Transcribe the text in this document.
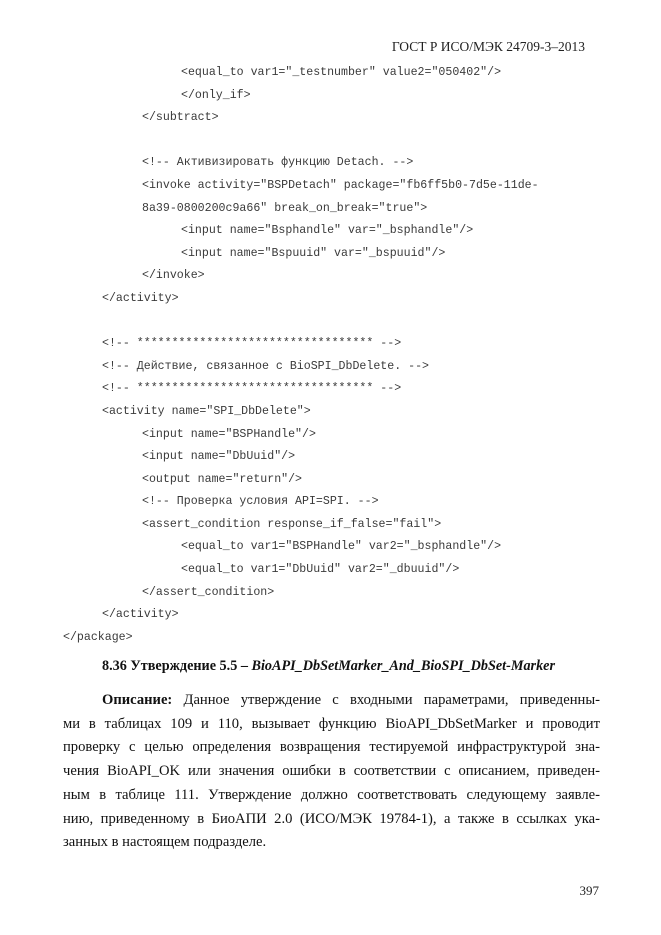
ГОСТ Р ИСО/МЭК 24709-3–2013
<equal_to var1="_testnumber" value2="050402"/>
</only_if>
</subtract>
<!-- Активизировать функцию Detach. -->
<invoke activity="BSPDetach" package="fb6ff5b0-7d5e-11de-
8a39-0800200c9a66" break_on_break="true">
<input name="Bsphandle" var="_bsphandle"/>
<input name="Bspuuid" var="_bspuuid"/>
</invoke>
</activity>
<!-- ********************************** -->
<!-- Действие, связанное с BioSPI_DbDelete. -->
<!-- ********************************** -->
<activity name="SPI_DbDelete">
<input name="BSPHandle"/>
<input name="DbUuid"/>
<output name="return"/>
<!-- Проверка условия API=SPI. -->
<assert_condition response_if_false="fail">
<equal_to var1="BSPHandle" var2="_bsphandle"/>
<equal_to var1="DbUuid" var2="_dbuuid"/>
</assert_condition>
</activity>
</package>
8.36 Утверждение 5.5 – BioAPI_DbSetMarker_And_BioSPI_DbSet-Marker
Описание: Данное утверждение с входными параметрами, приведенны-
ми в таблицах 109 и 110, вызывает функцию BioAPI_DbSetMarker и проводит
проверку с целью определения возвращения тестируемой инфраструктурой зна-
чения BioAPI_OK или значения ошибки в соответствии с описанием, приведен-
ным в таблице 111. Утверждение должно соответствовать следующему заявле-
нию, приведенному в БиоАПИ 2.0 (ИСО/МЭК 19784-1), а также в ссылках ука-
занных в настоящем подразделе.
397
